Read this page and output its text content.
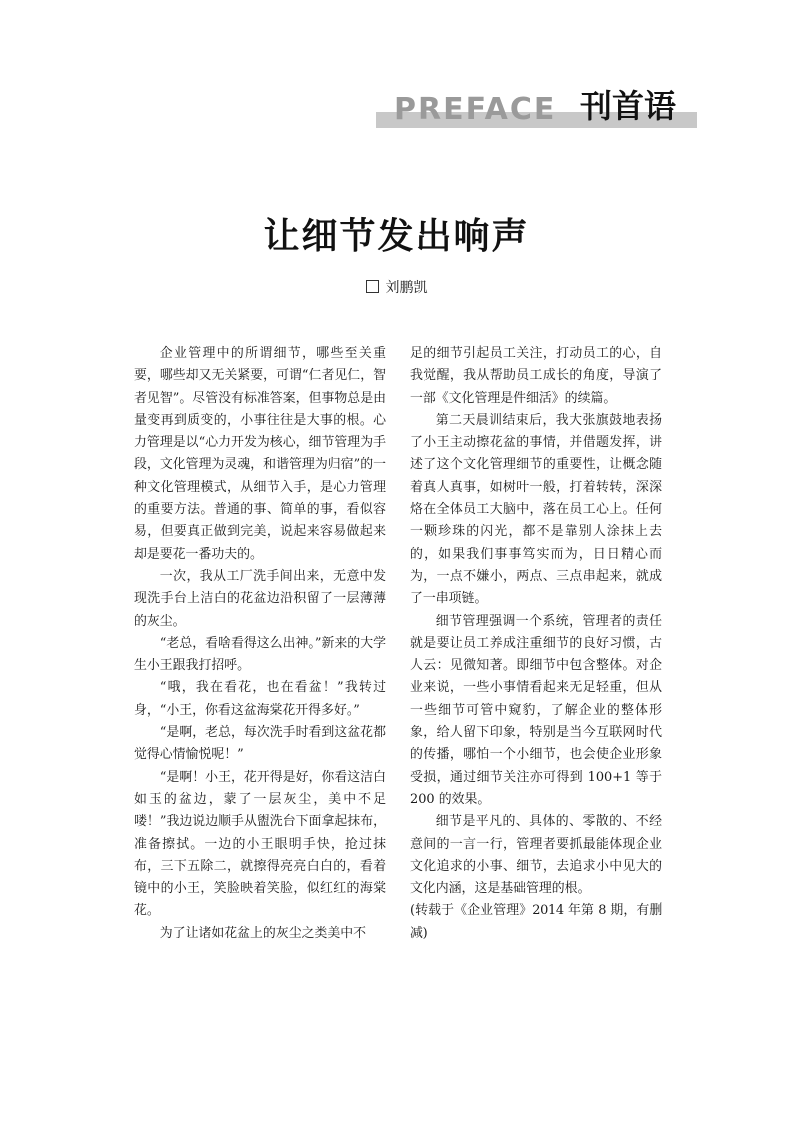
PREFACE 刊首语
让细节发出响声
刘鹏凯

企业管理中的所谓细节，哪些至关重要，哪些却又无关紧要，可谓“仁者见仁，智者见智”。尽管没有标准答案，但事物总是由量变再到质变的，小事往往是大事的根。心力管理是以“心力开发为核心，细节管理为手段，文化管理为灵魂，和谐管理为归宿”的一种文化管理模式，从细节入手，是心力管理的重要方法。普通的事、简单的事，看似容易，但要真正做到完美，说起来容易做起来却是要花一番功夫的。

一次，我从工厂洗手间出来，无意中发现洗手台上洁白的花盆边沿积留了一层薄薄的灰尘。

“老总，看啥看得这么出神。”新来的大学生小王跟我打招呼。

“哦，我在看花，也在看盆！”我转过身，“小王，你看这盆海棠花开得多好。”

“是啊，老总，每次洗手时看到这盆花都觉得心情愉悦呢！”

“是啊！小王，花开得是好，你看这洁白如玉的盆边，蒙了一层灰尘，美中不足喽！”我边说边顺手从盥洗台下面拿起抹布，准备擦拭。一边的小王眼明手快，抢过抹布，三下五除二，就擦得亮亮白白的，看着镜中的小王，笑脸映着笑脸，似红红的海棠花。

为了让诸如花盆上的灰尘之类美中不

足的细节引起员工关注，打动员工的心，自我觉醒，我从帮助员工成长的角度，导演了一部《文化管理是件细活》的续篇。

第二天晨训结束后，我大张旗鼓地表扬了小王主动擦花盆的事情，并借题发挥，讲述了这个文化管理细节的重要性，让概念随着真人真事，如树叶一般，打着转转，深深烙在全体员工大脑中，落在员工心上。任何一颗珍珠的闪光，都不是靠别人涂抹上去的，如果我们事事笃实而为，日日精心而为，一点不嫌小，两点、三点串起来，就成了一串项链。

细节管理强调一个系统，管理者的责任就是要让员工养成注重细节的良好习惯，古人云：见微知著。即细节中包含整体。对企业来说，一些小事情看起来无足轻重，但从一些细节可管中窥豹，了解企业的整体形象，给人留下印象，特别是当今互联网时代的传播，哪怕一个小细节，也会使企业形象受损，通过细节关注亦可得到 100+1 等于 200 的效果。

细节是平凡的、具体的、零散的、不经意间的一言一行，管理者要抓最能体现企业文化追求的小事、细节，去追求小中见大的文化内涵，这是基础管理的根。

(转载于《企业管理》2014 年第 8 期，有删减)
